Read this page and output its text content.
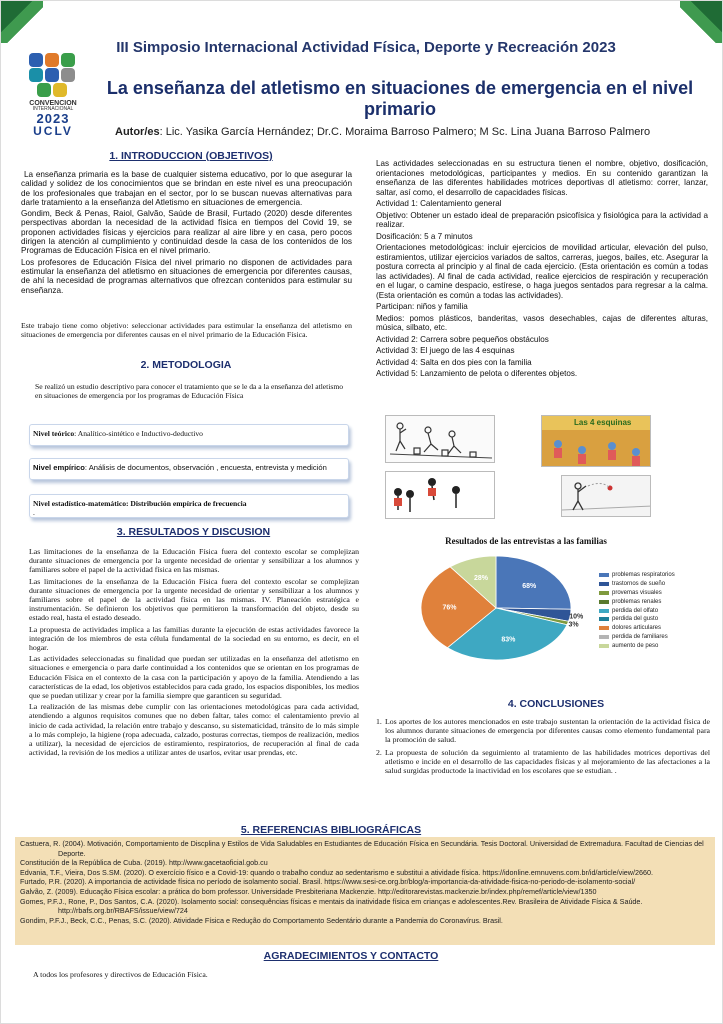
CONVENCION
INTERNACIONAL
2023
UCLV
III Simposio Internacional Actividad Física, Deporte y Recreación 2023
La enseñanza del atletismo en situaciones de emergencia en el nivel primario
Autor/es: Lic. Yasika García Hernández; Dr.C. Moraima Barroso Palmero; M Sc. Lina Juana Barroso Palmero
1. INTRODUCCION (OBJETIVOS)

La enseñanza primaria es la base de cualquier sistema educativo, por lo que asegurar la calidad y solidez de los conocimientos que se brindan en este nivel es una preocupación de los profesionales que trabajan en el sector, por lo se buscan nuevas alternativas para darle tratamiento a la enseñanza del Atletismo en situaciones de emergencia.

Gondim, Beck & Penas, Raiol, Galvão, Saúde de Brasil, Furtado (2020) desde diferentes perspectivas abordan la necesidad de la actividad física en tiempos del Covid 19, se proponen actividades físicas y ejercicios para realizar al aire libre y en casa, pero pocos dirigen la atención al cumplimiento y continuidad desde la casa de los contenidos de los Programas de Educación Física en el nivel primario.

Los profesores de Educación Física del nivel primario no disponen de actividades para estimular la enseñanza del atletismo en situaciones de emergencia por diferentes causas, de ahí la necesidad de programas alternativos que ofrezcan contenidos para estimular su enseñanza.

Este trabajo tiene como objetivo: seleccionar actividades para estimular la enseñanza del atletismo en situaciones de emergencia por diferentes causas en el nivel primario de la Educación Física.
2. METODOLOGIA
Se realizó un estudio descriptivo para conocer el tratamiento que se le da a la enseñanza del atletismo en situaciones de emergencia por los programas de Educación Física
Nivel teórico: Analítico-sintético e Inductivo-deductivo
Nivel empírico: Análisis de documentos, observación , encuesta, entrevista y medición
Nivel estadístico-matemático: Distribución empírica de frecuencia
.
3. RESULTADOS Y DISCUSION

Las limitaciones de la enseñanza de la Educación Física fuera del contexto escolar se complejizan durante situaciones de emergencia por la urgente necesidad de orientar y sensibilizar a los alumnos y familiares sobre el papel de la actividad física en las mismas.

Las limitaciones de la enseñanza de la Educación Física fuera del contexto escolar se complejizan durante situaciones de emergencia por la urgente necesidad de orientar y sensibilizar a los alumnos y familiares sobre el papel de la actividad física en las mismas. IV. Planeación estratégica e instrumentación. Se definieron los objetivos que permitieron la transformación del objeto, desde su estado real, hasta el estado deseado.

La propuesta de actividades implica a las familias durante la ejecución de estas actividades favorece la integración de los miembros de esta célula fundamental de la sociedad en su entorno, es decir, en el hogar.

Las actividades seleccionadas su finalidad que puedan ser utilizadas en la enseñanza del atletismo en situaciones e emergencia o para darle continuidad a los contenidos que se orientan en los programas de Educación Física en el contexto de la casa con la participación y apoyo de la familia. Atendiendo a las características de la edad, los objetivos establecidos para cada grado, los espacios disponibles, los medios que se puedan utilizar y crear por la familia siempre que garanticen su seguridad.

La realización de las mismas debe cumplir con las orientaciones metodológicas para cada actividad, atendiendo a algunos requisitos comunes que no deben faltar, tales como: el calentamiento previo al inicio de cada actividad, la relación entre trabajo y descanso, su sistematicidad, tránsito de lo más simple a lo más complejo, la higiene (ropa adecuada, calzado, posturas correctas, tiempos de realización, medios a utilizar), la necesidad de ejercicios de estiramiento, respiratorios, de recuperación al final de cada actividad, la revisión de los medios a utilizar antes de usarlos, evitar usar prendas, etc.

Las actividades seleccionadas en su estructura tienen el nombre, objetivo, dosificación, orientaciones metodológicas, participantes y medios. En su contenido garantizan la enseñanza de las diferentes habilidades motrices deportivas dl atletismo: correr, lanzar, saltar, así como, el desarrollo de capacidades físicas.

Actividad 1: Calentamiento general

Objetivo: Obtener un estado ideal de preparación psicofísica y fisiológica para la actividad a realizar.

Dosificación: 5 a 7 minutos

Orientaciones metodológicas: incluir ejercicios de movilidad articular, elevación del pulso, estiramientos, utilizar ejercicios variados de saltos, carreras, juegos, bailes, etc. Asegurar la postura correcta al principio y al final de cada ejercicio. (Esta orientación es común a todas las actividades). Al final de cada actividad, realice ejercicios de respiración y recuperación en el lugar, o camine despacio, estírese, o haga juegos sentados para regresar a la calma. (Esta orientación es común a todas las actividades).

Participan: niños y familia

Medios: pomos plásticos, banderitas, vasos desechables, cajas de diferentes alturas, música, silbato, etc.

Actividad 2: Carrera sobre pequeños obstáculos

Actividad 3: El juego de las 4 esquinas

Actividad 4: Salta en dos pies con la familia

Actividad 5: Lanzamiento de pelota o diferentes objetos.

Las 4 esquinas
Resultados de las entrevistas a las familias
68%
10%
3%
83%
76%
28%	problemas respiratorios
trastornos de sueño
provemas visuales
problemas renales
perdida del olfato
perdida del gusto
dolores articulares
perdida de familiares
aumento de peso
4. CONCLUSIONES
1. Los aportes de los autores mencionados en este trabajo sustentan la orientación de la actividad física de los alumnos durante situaciones de emergencia por diferentes causas como elemento fundamental para la promoción de salud.
2. La propuesta de solución da seguimiento al tratamiento de las habilidades motrices deportivas del atletismo e incide en el desarrollo de las capacidades físicas y al mejoramiento de las afectaciones a la salud surgidas productode la inactividad en los escolares que se estudian. .
5. REFERENCIAS BIBLIOGRÁFICAS

Castuera, R. (2004). Motivación, Comportamiento de Discplina y Estilos de Vida Saludables en Estudiantes de Educación Física en Secundária. Tesis Doctoral. Universidad de Extremadura. Facultad de Ciencias del Deporte.

Constitución de la República de Cuba. (2019). http://www.gacetaoficial.gob.cu

Edvania, T.F., Vieira, Dos S.SM. (2020). O exercício físico e a Covid-19: quando o trabalho conduz ao sedentarismo e substitui a atividade física. https://idonline.emnuvens.com.br/id/article/view/2660.

Furtado, P.R. (2020). A importancia de actividade física no período de isolamento social. Brasil. https://www.sesi-ce.org.br/blog/a-importancia-da-atividade-fisica-no-periodo-de-isolamento-social/

Galvão, Z. (2009). Educação Física escolar: a prática do bom professor. Universidade Presbiteriana Mackenzie. http://editorarevistas.mackenzie.br/index.php/remef/article/view/1350

Gomes, P.F.J., Rone, P., Dos Santos, C.A. (2020). Isolamento social: consequências físicas e mentais da inatividade física em crianças e adolescentes.Rev. Brasileira de Atividade Física & Saúde. http://rbafs.org.br/RBAFS/issue/view/724

Gondim, P.F.J., Beck, C.C., Penas, S.C. (2020). Atividade Física e Redução do Comportamento Sedentário durante a Pandemia do Coronavírus. Brasil.

AGRADECIMIENTOS Y CONTACTO
A todos los profesores y directivos de Educación Física.
